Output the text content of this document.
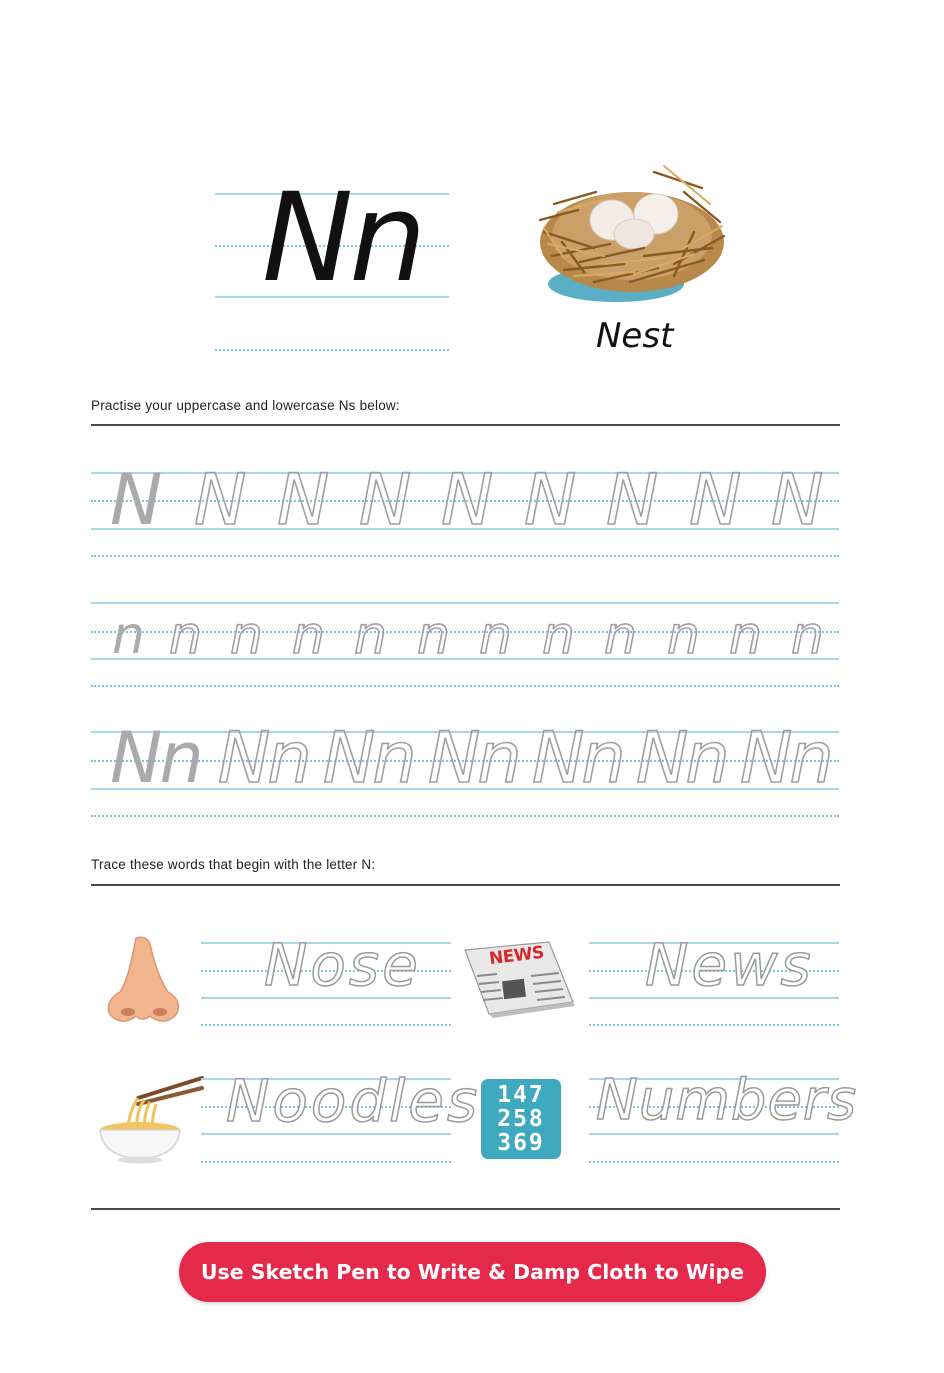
Nn
Nest
Practise your uppercase and lowercase Ns below:
N N N N N N N N N
n n n n n n n n n n n n
Nn Nn Nn Nn Nn Nn Nn
Trace these words that begin with the letter N:
Nose	NEWS News
Noodles 147
258
369
Numbers
Use Sketch Pen to Write & Damp Cloth to Wipe
